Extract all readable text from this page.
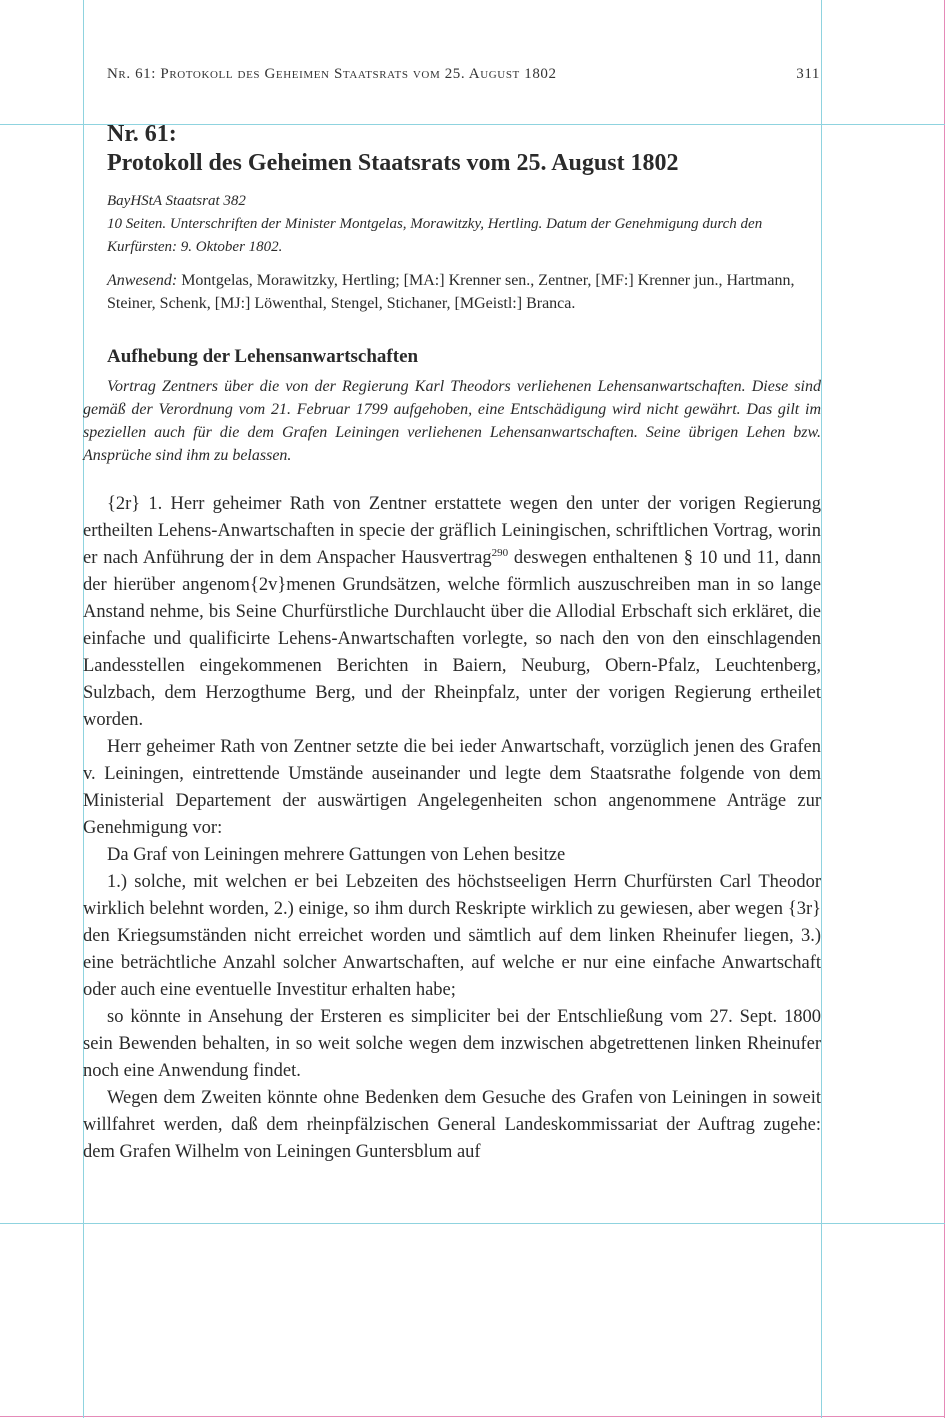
Nr. 61: Protokoll des Geheimen Staatsrats vom 25. August 1802	311
Nr. 61:
Protokoll des Geheimen Staatsrats vom 25. August 1802
BayHStA Staatsrat 382
10 Seiten. Unterschriften der Minister Montgelas, Morawitzky, Hertling. Datum der Genehmigung durch den Kurfürsten: 9. Oktober 1802.
Anwesend: Montgelas, Morawitzky, Hertling; [MA:] Krenner sen., Zentner, [MF:] Krenner jun., Hartmann, Steiner, Schenk, [MJ:] Löwenthal, Stengel, Stichaner, [MGeistl:] Branca.
Aufhebung der Lehensanwartschaften

Vortrag Zentners über die von der Regierung Karl Theodors verliehenen Lehensanwartschaften. Diese sind gemäß der Verordnung vom 21. Februar 1799 aufgehoben, eine Entschädigung wird nicht gewährt. Das gilt im speziellen auch für die dem Grafen Leiningen verliehenen Lehensanwartschaften. Seine übrigen Lehen bzw. Ansprüche sind ihm zu belassen.

{2r} 1. Herr geheimer Rath von Zentner erstattete wegen den unter der vorigen Regierung ertheilten Lehens-Anwartschaften in specie der gräflich Leiningischen, schriftlichen Vortrag, worin er nach Anführung der in dem Anspacher Hausvertrag$^{290}$ deswegen enthaltenen § 10 und 11, dann der hierüber angenom{2v}menen Grundsätzen, welche förmlich auszuschreiben man in so lange Anstand nehme, bis Seine Churfürstliche Durchlaucht über die Allodial Erbschaft sich erkläret, die einfache und qualificirte Lehens-Anwartschaften vorlegte, so nach den von den einschlagenden Landesstellen eingekommenen Berichten in Baiern, Neuburg, Obern-Pfalz, Leuchtenberg, Sulzbach, dem Herzogthume Berg, und der Rheinpfalz, unter der vorigen Regierung ertheilet worden.

Herr geheimer Rath von Zentner setzte die bei ieder Anwartschaft, vorzüglich jenen des Grafen v. Leiningen, eintrettende Umstände auseinander und legte dem Staatsrathe folgende von dem Ministerial Departement der auswärtigen Angelegenheiten schon angenommene Anträge zur Genehmigung vor:

Da Graf von Leiningen mehrere Gattungen von Lehen besitze

1.) solche, mit welchen er bei Lebzeiten des höchstseeligen Herrn Churfürsten Carl Theodor wirklich belehnt worden, 2.) einige, so ihm durch Reskripte wirklich zu gewiesen, aber wegen {3r} den Kriegsumständen nicht erreichet worden und sämtlich auf dem linken Rheinufer liegen, 3.) eine beträchtliche Anzahl solcher Anwartschaften, auf welche er nur eine einfache Anwartschaft oder auch eine eventuelle Investitur erhalten habe;

so könnte in Ansehung der Ersteren es simpliciter bei der Entschließung vom 27. Sept. 1800 sein Bewenden behalten, in so weit solche wegen dem inzwischen abgetrettenen linken Rheinufer noch eine Anwendung findet.

Wegen dem Zweiten könnte ohne Bedenken dem Gesuche des Grafen von Leiningen in soweit willfahret werden, daß dem rheinpfälzischen General Landeskommissariat der Auftrag zugehe: dem Grafen Wilhelm von Leiningen Guntersblum auf
